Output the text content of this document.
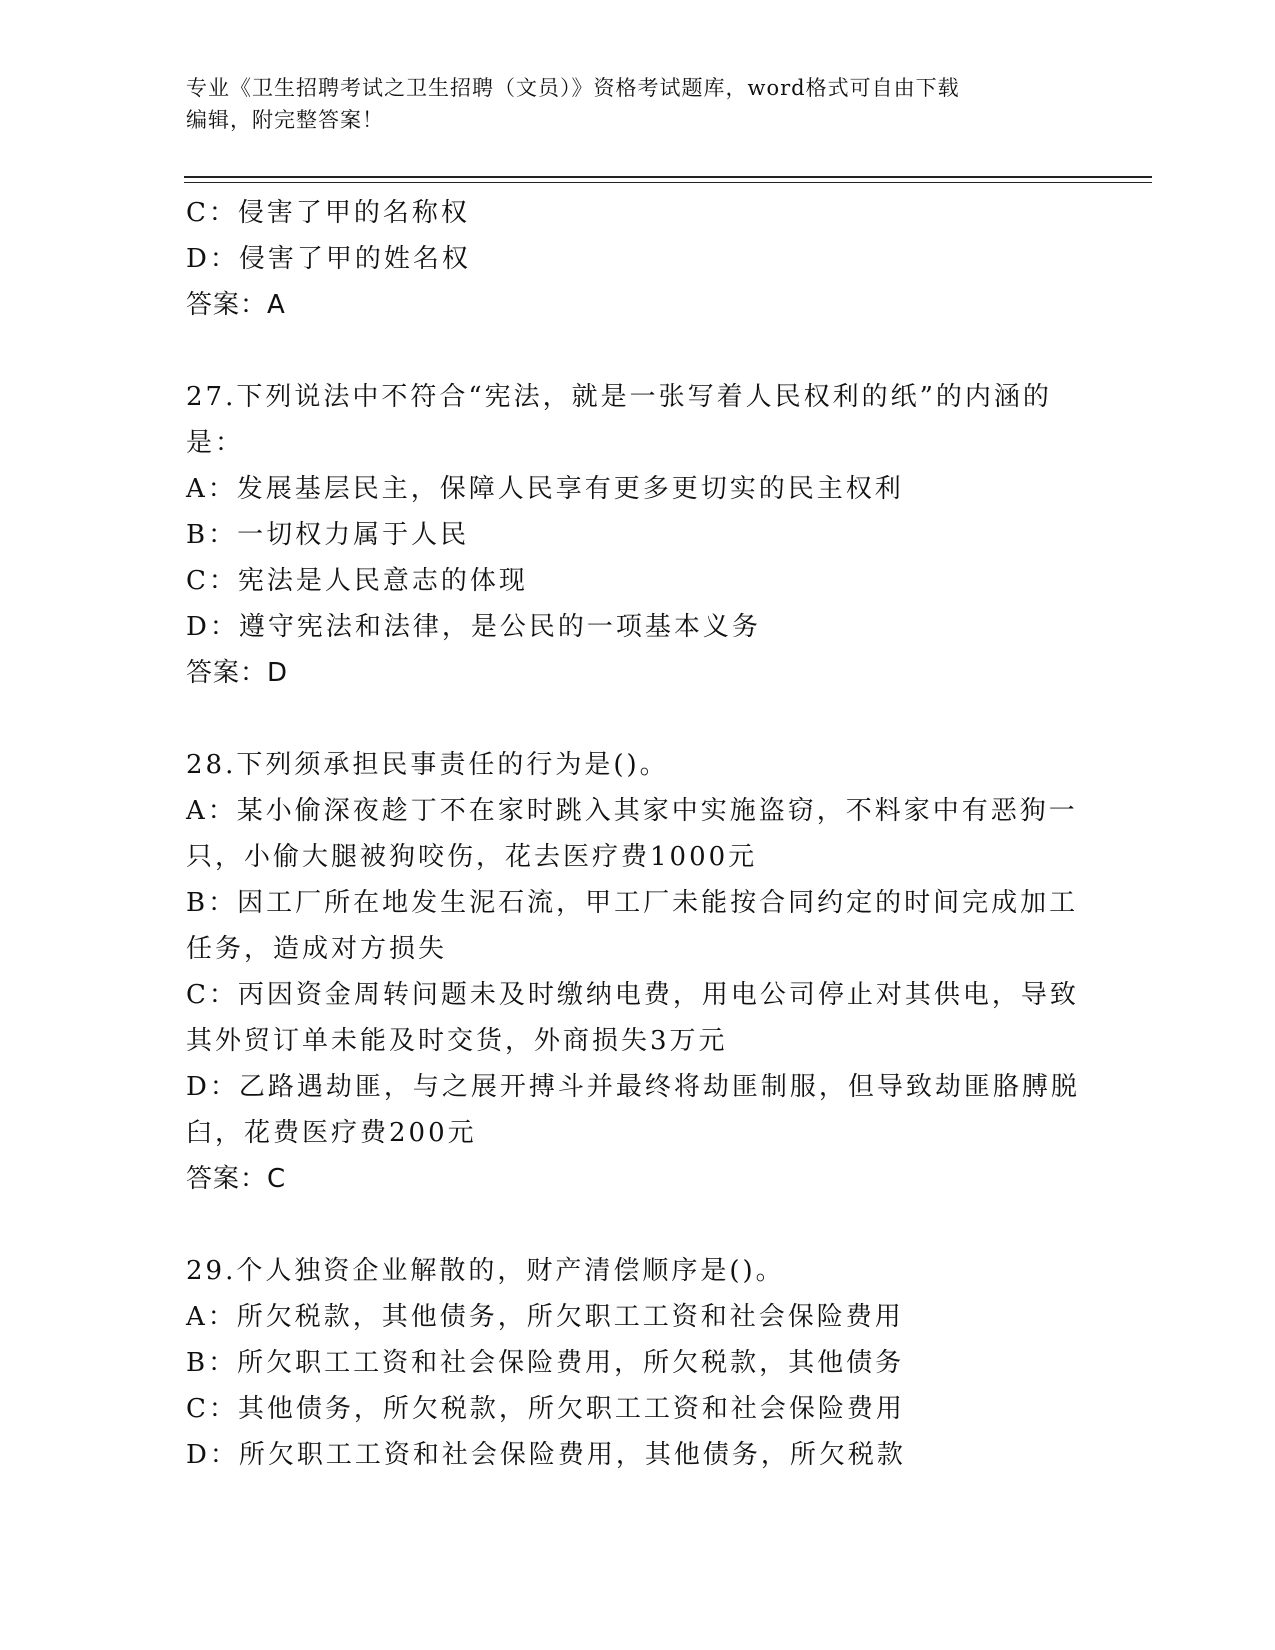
专业《卫生招聘考试之卫生招聘（文员）》资格考试题库，word格式可自由下载
编辑，附完整答案！
C：侵害了甲的名称权
D：侵害了甲的姓名权
答案：A
27.下列说法中不符合“宪法，就是一张写着人民权利的纸”的内涵的
是：
A：发展基层民主，保障人民享有更多更切实的民主权利
B：一切权力属于人民
C：宪法是人民意志的体现
D：遵守宪法和法律，是公民的一项基本义务
答案：D
28.下列须承担民事责任的行为是()。
A：某小偷深夜趁丁不在家时跳入其家中实施盗窃，不料家中有恶狗一
只，小偷大腿被狗咬伤，花去医疗费1000元
B：因工厂所在地发生泥石流，甲工厂未能按合同约定的时间完成加工
任务，造成对方损失
C：丙因资金周转问题未及时缴纳电费，用电公司停止对其供电，导致
其外贸订单未能及时交货，外商损失3万元
D：乙路遇劫匪，与之展开搏斗并最终将劫匪制服，但导致劫匪胳膊脱
臼，花费医疗费200元
答案：C
29.个人独资企业解散的，财产清偿顺序是()。
A：所欠税款，其他债务，所欠职工工资和社会保险费用
B：所欠职工工资和社会保险费用，所欠税款，其他债务
C：其他债务，所欠税款，所欠职工工资和社会保险费用
D：所欠职工工资和社会保险费用，其他债务，所欠税款
